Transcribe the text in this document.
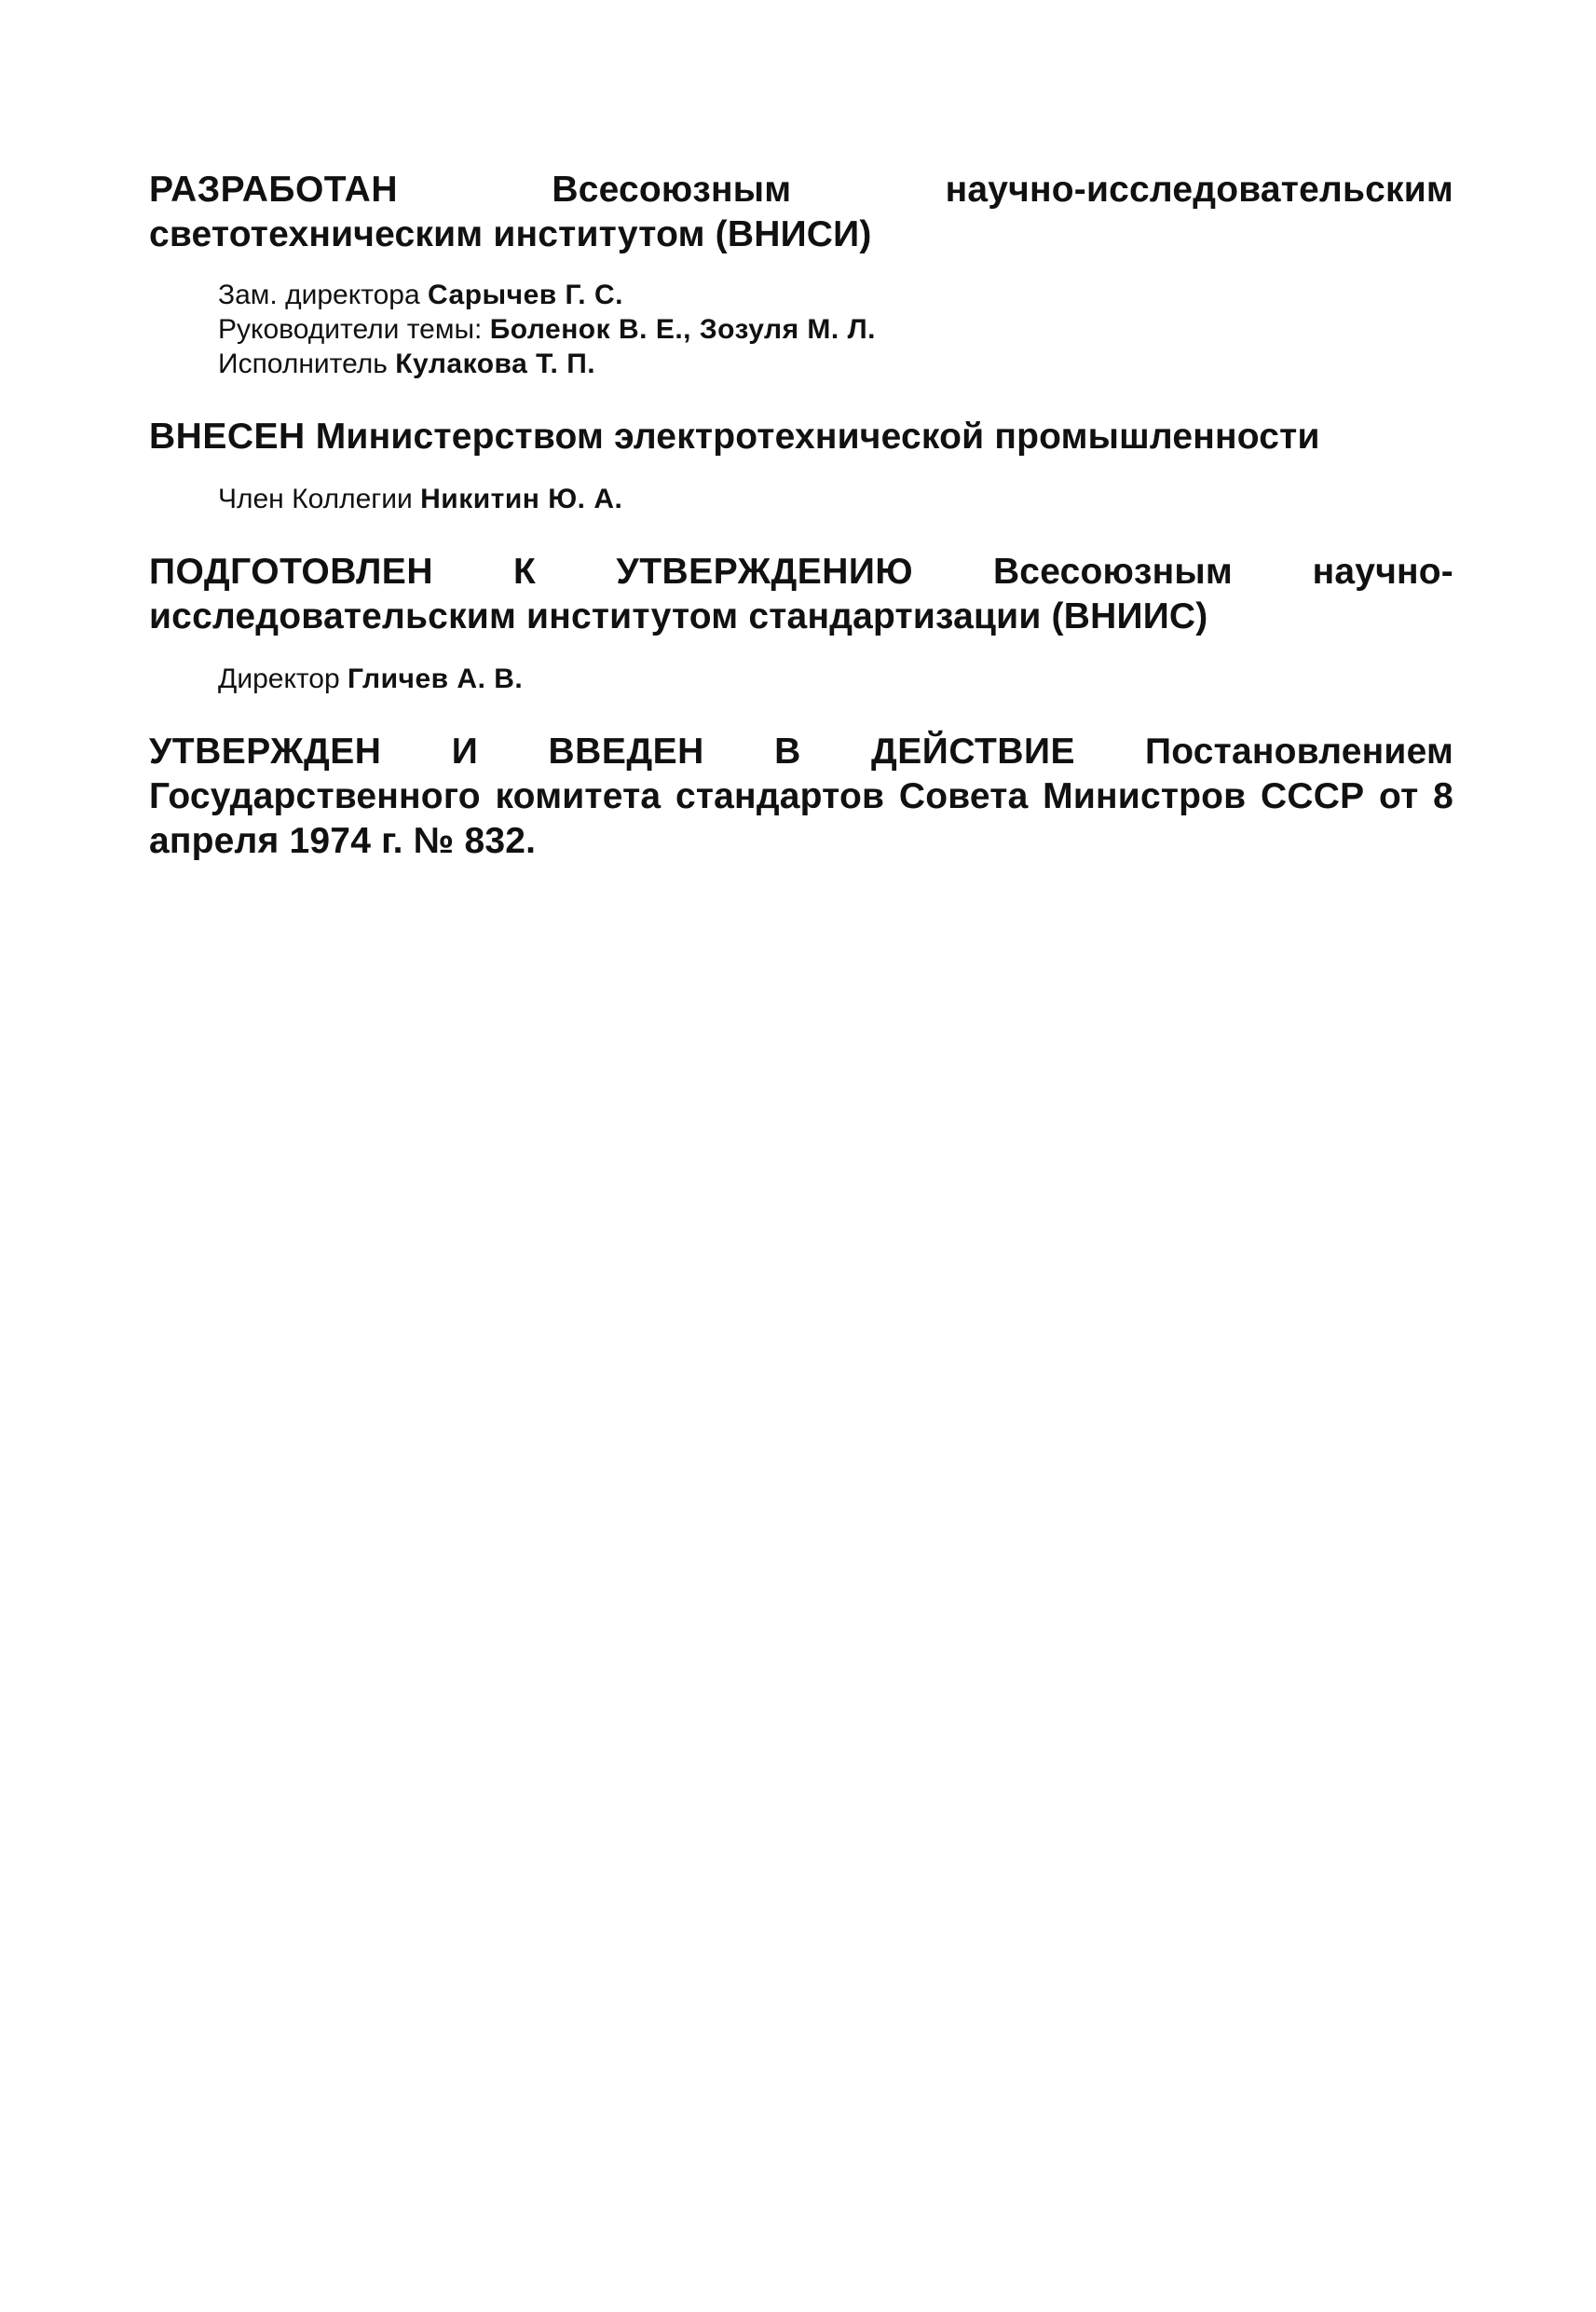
РАЗРАБОТАН	Всесоюзным научно-исследовательским светотехническим институтом (ВНИСИ)

Зам. директора Сарычев Г. С.
Руководители темы: Боленок В. Е., Зозуля М. Л.
Исполнитель Кулакова Т. П.

ВНЕСЕН Министерством электротехнической промышленности

Член Коллегии Никитин Ю. А.

ПОДГОТОВЛЕН К УТВЕРЖДЕНИЮ Всесоюзным научно-исследовательским институтом стандартизации (ВНИИС)

Директор Гличев А. В.

УТВЕРЖДЕН И ВВЕДЕН В ДЕЙСТВИЕ Постановлением Государственного комитета стандартов Совета Министров СССР от 8 апреля 1974 г. № 832.
